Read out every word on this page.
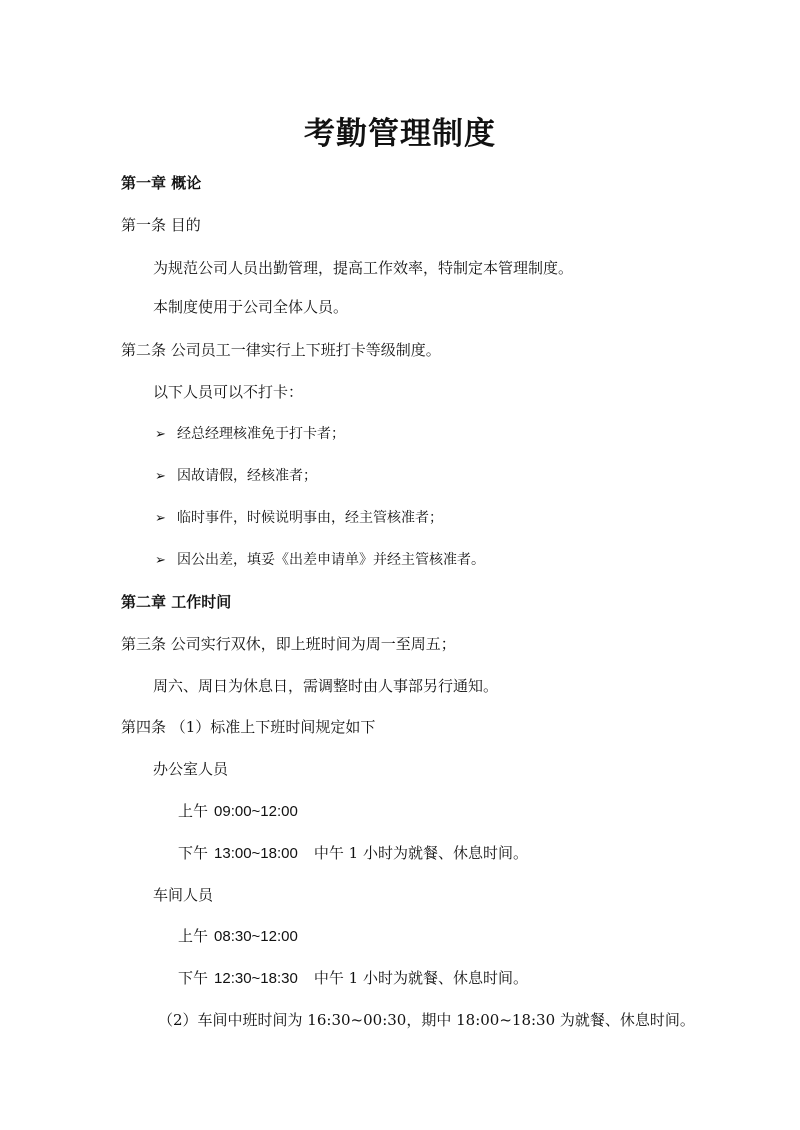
考勤管理制度
第一章 概论
第一条 目的
为规范公司人员出勤管理，提高工作效率，特制定本管理制度。
本制度使用于公司全体人员。
第二条 公司员工一律实行上下班打卡等级制度。
以下人员可以不打卡：
➢ 经总经理核准免于打卡者；
➢ 因故请假，经核准者；
➢ 临时事件，时候说明事由，经主管核准者；
➢ 因公出差，填妥《出差申请单》并经主管核准者。
第二章 工作时间
第三条 公司实行双休，即上班时间为周一至周五；
周六、周日为休息日，需调整时由人事部另行通知。
第四条 （1）标准上下班时间规定如下
办公室人员
上午 09:00~12:00
下午 13:00~18:00 中午 1 小时为就餐、休息时间。
车间人员
上午 08:30~12:00
下午 12:30~18:30 中午 1 小时为就餐、休息时间。
（2）车间中班时间为 16:30~00:30，期中 18:00~18:30 为就餐、休息时间。
